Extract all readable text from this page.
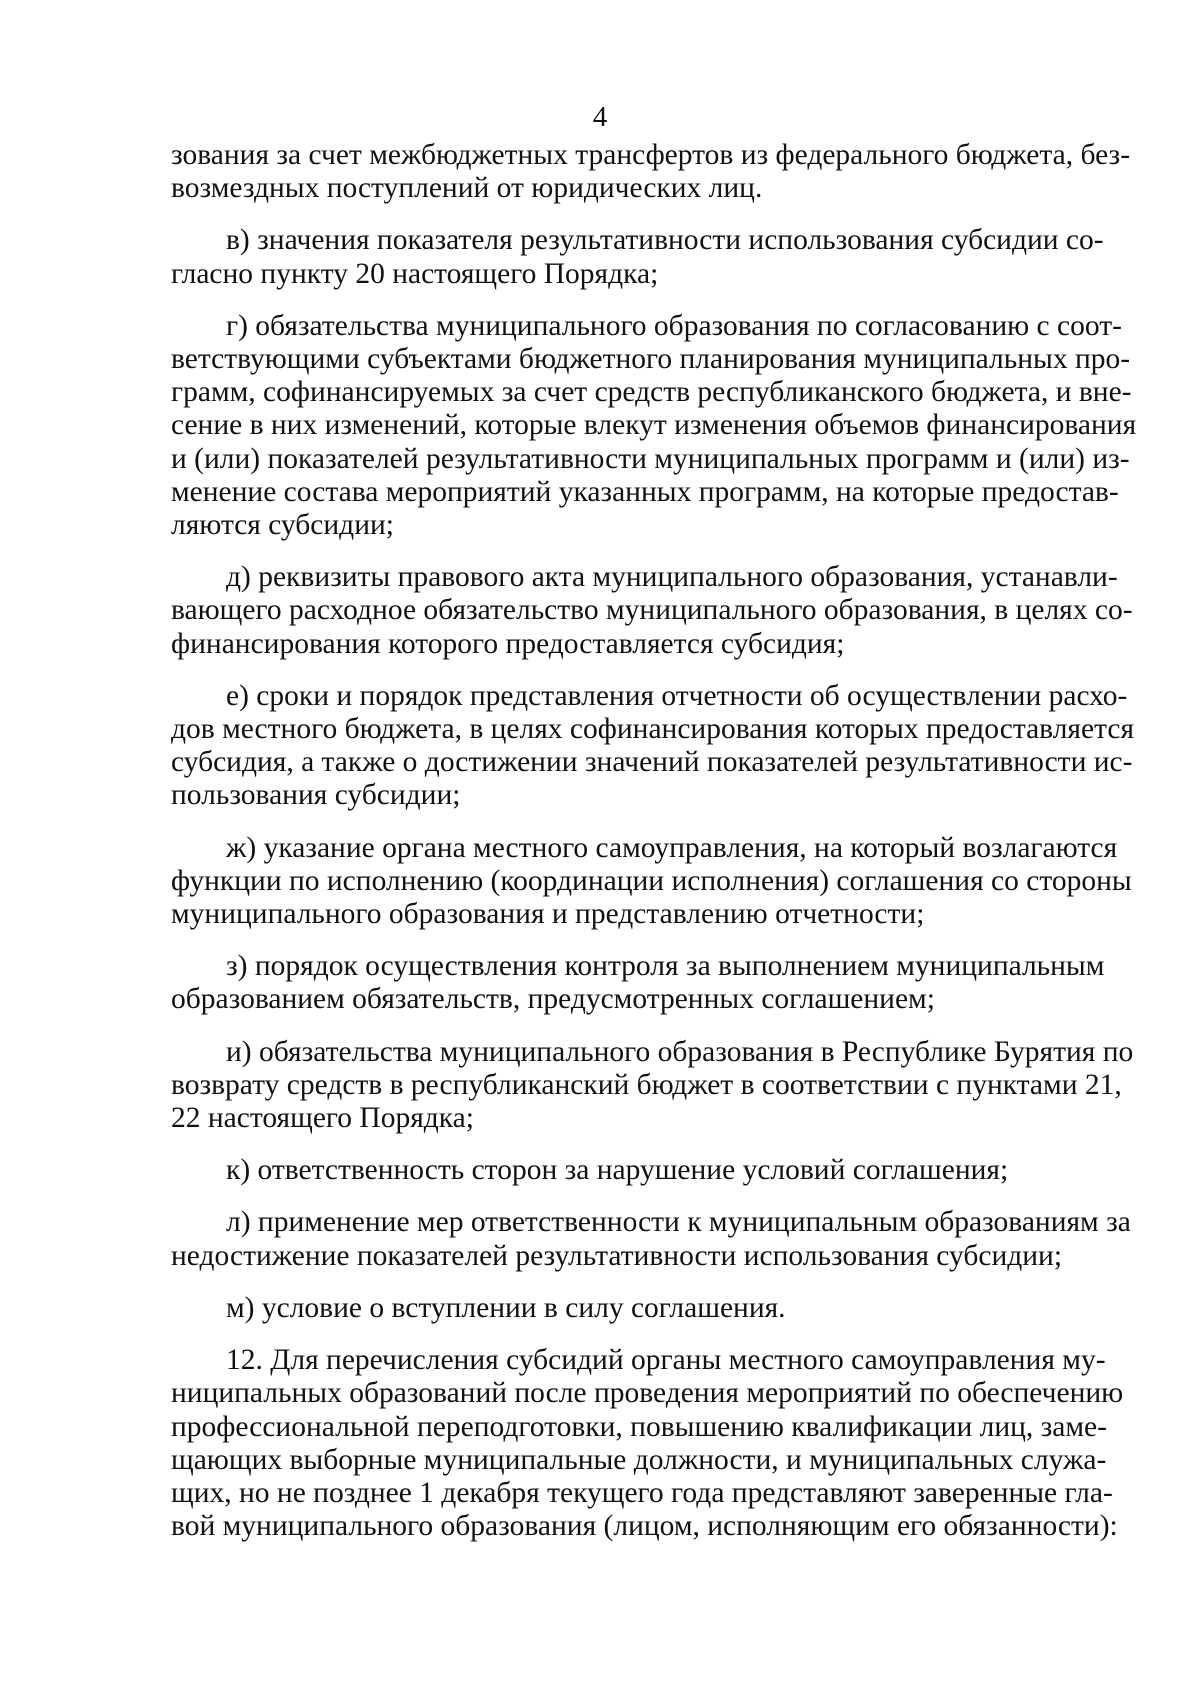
4
зования за счет межбюджетных трансфертов из федерального бюджета, без-
возмездных поступлений от юридических лиц.
в) значения показателя результативности использования субсидии со-
гласно пункту 20 настоящего Порядка;
г) обязательства муниципального образования по согласованию с соот-
ветствующими субъектами бюджетного планирования муниципальных про-
грамм, софинансируемых за счет средств республиканского бюджета, и вне-
сение в них изменений, которые влекут изменения объемов финансирования
и (или) показателей результативности муниципальных программ и (или) из-
менение состава мероприятий указанных программ, на которые предостав-
ляются субсидии;
д) реквизиты правового акта муниципального образования, устанавли-
вающего расходное обязательство муниципального образования, в целях со-
финансирования которого предоставляется субсидия;
е) сроки и порядок представления отчетности об осуществлении расхо-
дов местного бюджета, в целях софинансирования которых предоставляется
субсидия, а также о достижении значений показателей результативности ис-
пользования субсидии;
ж) указание органа местного самоуправления, на который возлагаются
функции по исполнению (координации исполнения) соглашения со стороны
муниципального образования и представлению отчетности;
з) порядок осуществления контроля за выполнением муниципальным
образованием обязательств, предусмотренных соглашением;
и) обязательства муниципального образования в Республике Бурятия по
возврату средств в республиканский бюджет в соответствии с пунктами 21,
22 настоящего Порядка;
к) ответственность сторон за нарушение условий соглашения;
л) применение мер ответственности к муниципальным образованиям за
недостижение показателей результативности использования субсидии;
м) условие о вступлении в силу соглашения.
12. Для перечисления субсидий органы местного самоуправления му-
ниципальных образований после проведения мероприятий по обеспечению
профессиональной переподготовки, повышению квалификации лиц, заме-
щающих выборные муниципальные должности, и муниципальных служа-
щих, но не позднее 1 декабря текущего года представляют заверенные гла-
вой муниципального образования (лицом, исполняющим его обязанности):
